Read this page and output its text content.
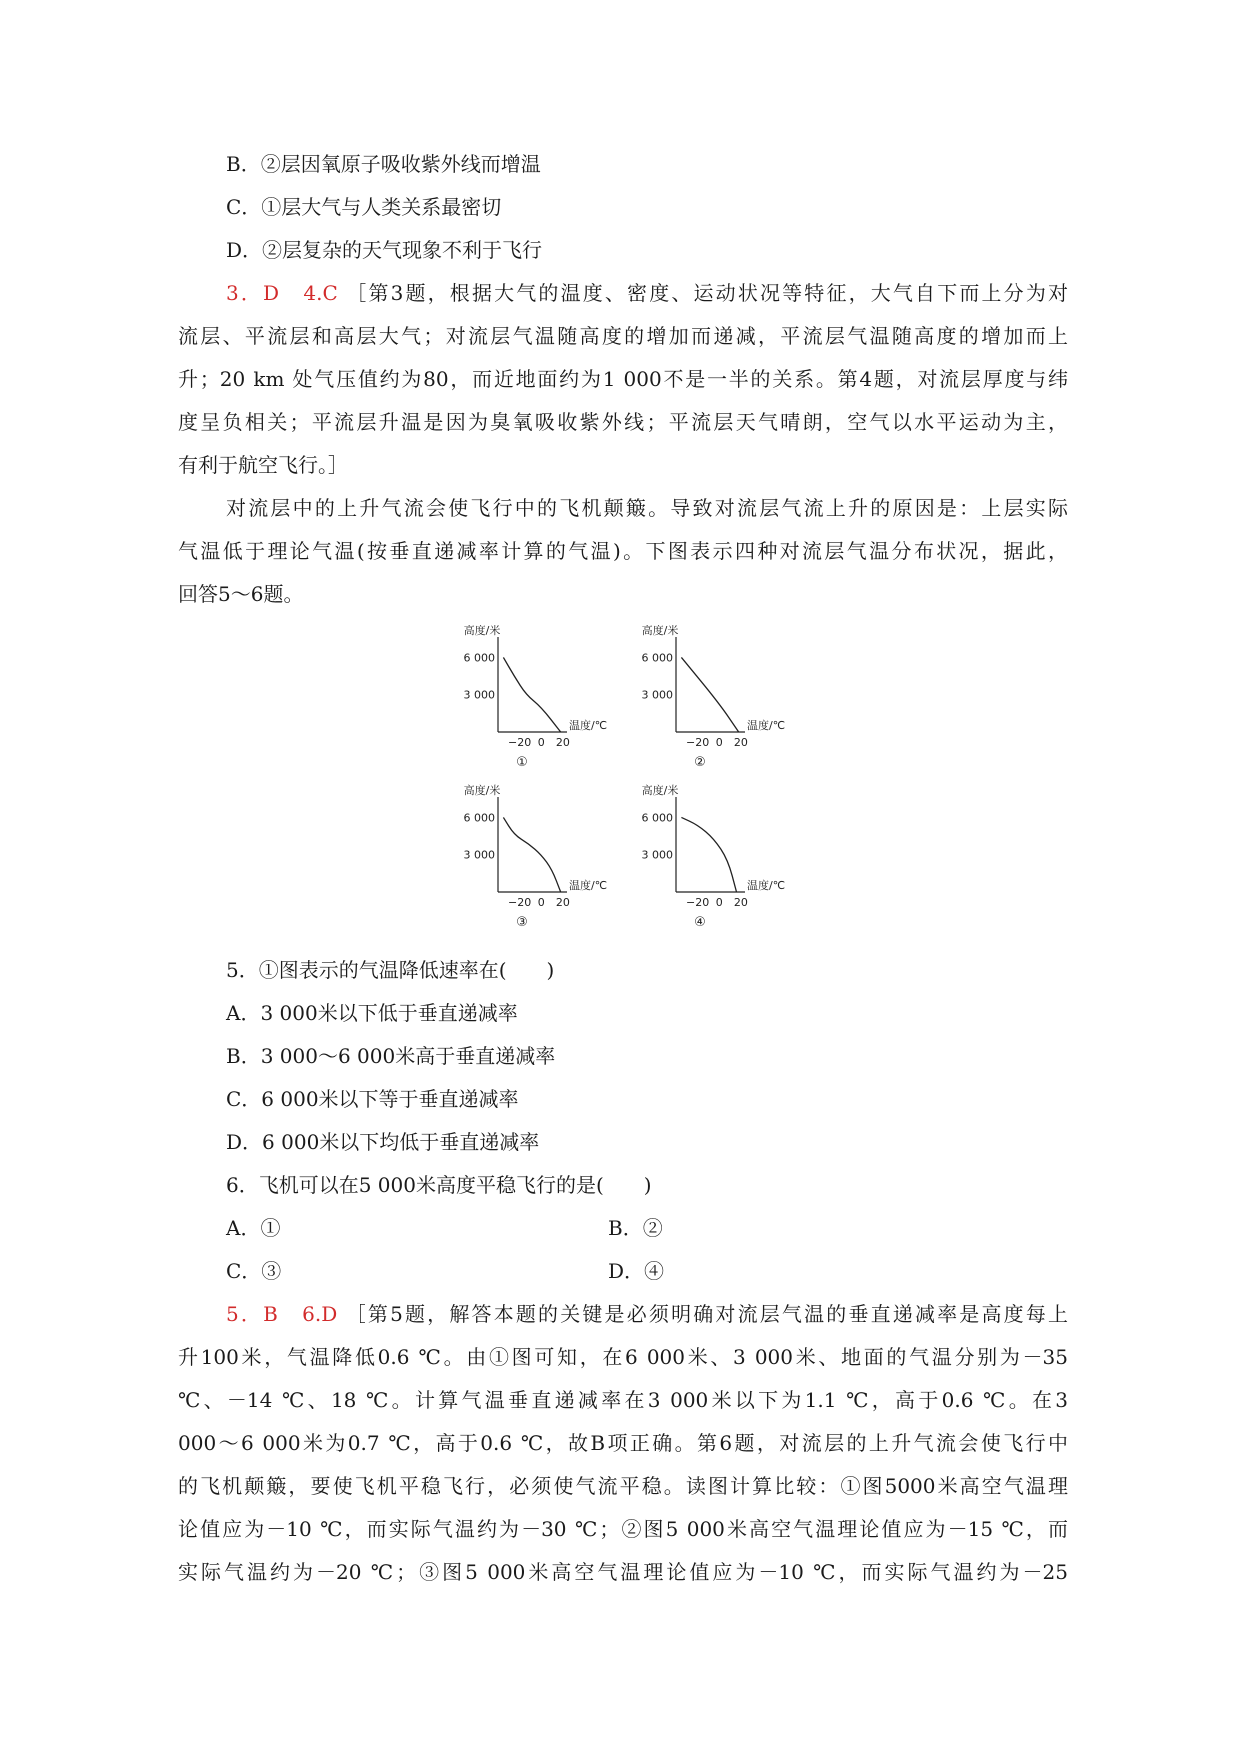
B．②层因氧原子吸收紫外线而增温
C．①层大气与人类关系最密切
D．②层复杂的天气现象不利于飞行
3．D　4.C ［第3题，根据大气的温度、密度、运动状况等特征，大气自下而上分为对
流层、平流层和高层大气；对流层气温随高度的增加而递减，平流层气温随高度的增加而上
升；20 km 处气压值约为80，而近地面约为1 000不是一半的关系。第4题，对流层厚度与纬
度呈负相关；平流层升温是因为臭氧吸收紫外线；平流层天气晴朗，空气以水平运动为主，
有利于航空飞行。］
对流层中的上升气流会使飞行中的飞机颠簸。导致对流层气流上升的原因是：上层实际
气温低于理论气温(按垂直递减率计算的气温)。下图表示四种对流层气温分布状况，据此，
回答5～6题。
高度/米
温度/℃
3 000
6 000
−20 0 20
①
高度/米
温度/℃
3 000
6 000
−20 0 20
②
高度/米
温度/℃
3 000
6 000
−20 0 20
③
高度/米
温度/℃
3 000
6 000
−20 0 20
④
5．①图表示的气温降低速率在(　　)
A．3 000米以下低于垂直递减率
B．3 000～6 000米高于垂直递减率
C．6 000米以下等于垂直递减率
D．6 000米以下均低于垂直递减率
6．飞机可以在5 000米高度平稳飞行的是(　　)
A．①	B．②
C．③	D．④
5．B　6.D ［第5题，解答本题的关键是必须明确对流层气温的垂直递减率是高度每上
升100米，气温降低0.6 ℃。由①图可知，在6 000米、3 000米、地面的气温分别为－35
℃、－14 ℃、18 ℃。计算气温垂直递减率在3 000米以下为1.1 ℃，高于0.6 ℃。在3
000～6 000米为0.7 ℃，高于0.6 ℃，故B项正确。第6题，对流层的上升气流会使飞行中
的飞机颠簸，要使飞机平稳飞行，必须使气流平稳。读图计算比较：①图5000米高空气温理
论值应为－10 ℃，而实际气温约为－30 ℃；②图5 000米高空气温理论值应为－15 ℃，而
实际气温约为－20 ℃；③图5 000米高空气温理论值应为－10 ℃，而实际气温约为－25
